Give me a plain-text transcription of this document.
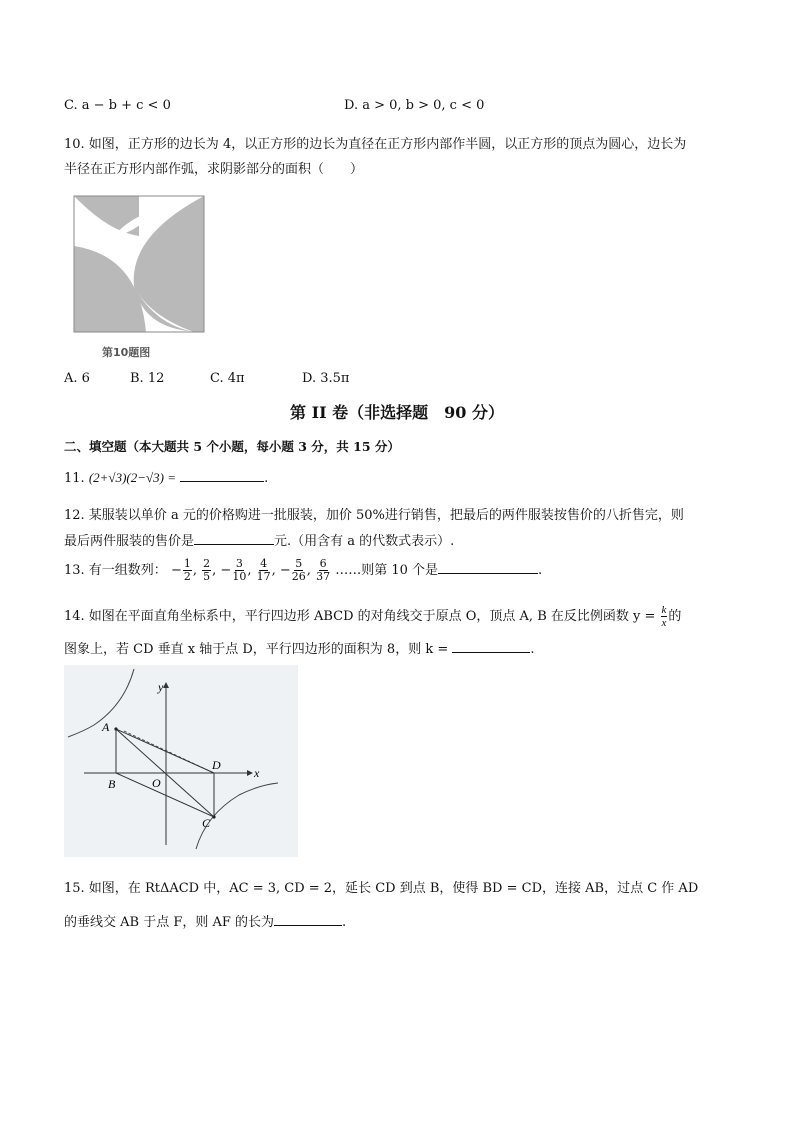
C. a − b + c < 0	D. a > 0, b > 0, c < 0
10. 如图，正方形的边长为 4，以正方形的边长为直径在正方形内部作半圆，以正方形的顶点为圆心，边长为
半径在正方形内部作弧，求阴影部分的面积（　　）
第10题图
A. 6	B. 12	C. 4π	D. 3.5π
第 II 卷（非选择题　90 分）
二、填空题（本大题共 5 个小题，每小题 3 分，共 15 分）
11. (2+√3)(2−√3) =	.
12. 某服装以单价 a 元的价格购进一批服装，加价 50%进行销售，把最后的两件服装按售价的八折售完，则
最后两件服装的售价是	元.（用含有 a 的代数式表示）.
13. 有一组数列： − $\frac{1}{2}$ , $\frac{2}{5}$ , − $\frac{3}{10}$ , $\frac{4}{17}$ , − $\frac{5}{26}$ , $\frac{6}{37}$ ……则第 10 个是	.
14. 如图在平面直角坐标系中，平行四边形 ABCD 的对角线交于原点 O，顶点 A, B 在反比例函数 $y = \frac{k}{x}$ 的
图象上，若 CD 垂直 x 轴于点 D，平行四边形的面积为 8，则 k =	.
A
B
C
D
O
x
y
15. 如图，在 RtΔACD 中，AC = 3, CD = 2，延长 CD 到点 B，使得 BD = CD，连接 AB，过点 C 作 AD
的垂线交 AB 于点 F，则 AF 的长为	.
